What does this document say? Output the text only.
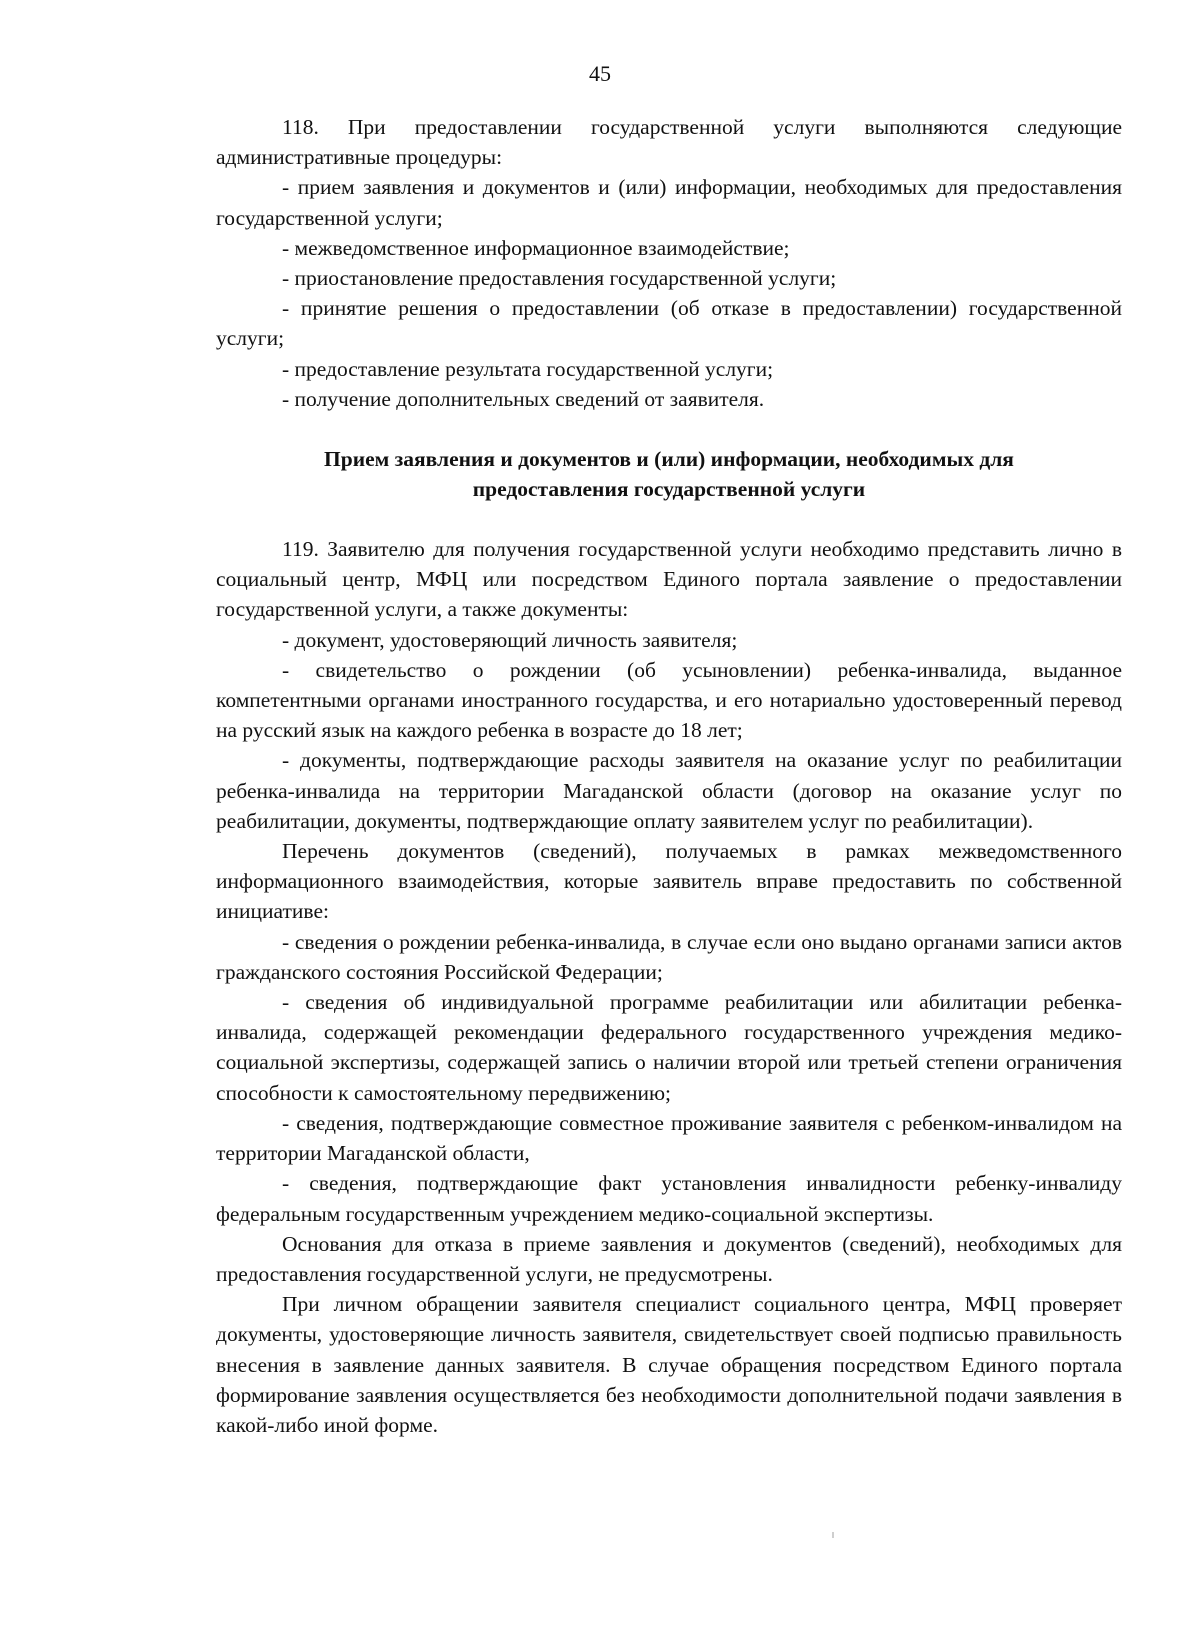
45

118. При предоставлении государственной услуги выполняются следующие административные процедуры:

- прием заявления и документов и (или) информации, необходимых для предоставления государственной услуги;

- межведомственное информационное взаимодействие;

- приостановление предоставления государственной услуги;

- принятие решения о предоставлении (об отказе в предоставлении) государственной услуги;

- предоставление результата государственной услуги;

- получение дополнительных сведений от заявителя.

Прием заявления и документов и (или) информации, необходимых для
предоставления государственной услуги

119. Заявителю для получения государственной услуги необходимо представить лично в социальный центр, МФЦ или посредством Единого портала заявление о предоставлении государственной услуги, а также документы:

- документ, удостоверяющий личность заявителя;

- свидетельство о рождении (об усыновлении) ребенка-инвалида, выданное компетентными органами иностранного государства, и его нотариально удостоверенный перевод на русский язык на каждого ребенка в возрасте до 18 лет;

- документы, подтверждающие расходы заявителя на оказание услуг по реабилитации ребенка-инвалида на территории Магаданской области (договор на оказание услуг по реабилитации, документы, подтверждающие оплату заявителем услуг по реабилитации).

Перечень документов (сведений), получаемых в рамках межведомственного информационного взаимодействия, которые заявитель вправе предоставить по собственной инициативе:

- сведения о рождении ребенка-инвалида, в случае если оно выдано органами записи актов гражданского состояния Российской Федерации;

- сведения об индивидуальной программе реабилитации или абилитации ребенка-инвалида, содержащей рекомендации федерального государственного учреждения медико-социальной экспертизы, содержащей запись о наличии второй или третьей степени ограничения способности к самостоятельному передвижению;

- сведения, подтверждающие совместное проживание заявителя с ребенком-инвалидом на территории Магаданской области,

- сведения, подтверждающие факт установления инвалидности ребенку-инвалиду федеральным государственным учреждением медико-социальной экспертизы.

Основания для отказа в приеме заявления и документов (сведений), необходимых для предоставления государственной услуги, не предусмотрены.

При личном обращении заявителя специалист социального центра, МФЦ проверяет документы, удостоверяющие личность заявителя, свидетельствует своей подписью правильность внесения в заявление данных заявителя. В случае обращения посредством Единого портала формирование заявления осуществляется без необходимости дополнительной подачи заявления в какой-либо иной форме.
